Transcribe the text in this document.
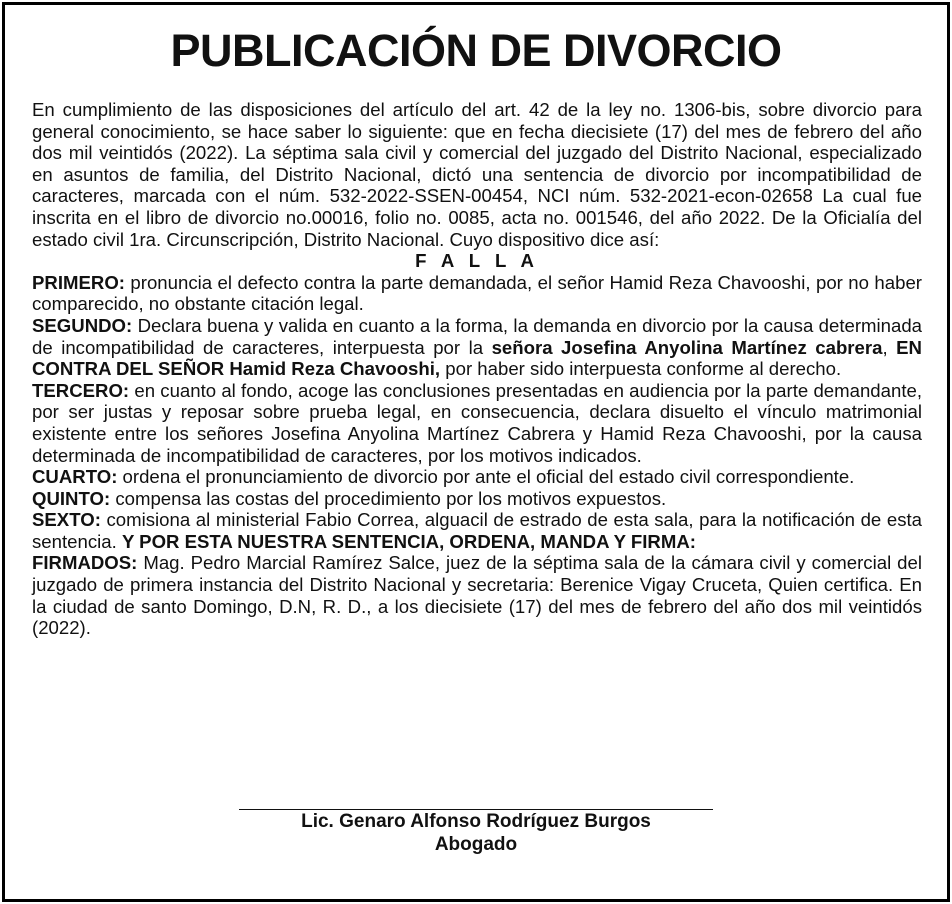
PUBLICACIÓN DE DIVORCIO

En cumplimiento de las disposiciones del artículo del art. 42 de la ley no. 1306-bis, sobre divorcio para general conocimiento, se hace saber lo siguiente: que en fecha diecisiete (17) del mes de febrero del año dos mil veintidós (2022). La séptima sala civil y comercial del juzgado del Distrito Nacional, especializado en asuntos de familia, del Distrito Nacional, dictó una sentencia de divorcio por incompatibilidad de caracteres, marcada con el núm. 532-2022-SSEN-00454, NCI núm. 532-2021-econ-02658 La cual fue inscrita en el libro de divorcio no.00016, folio no. 0085, acta no. 001546, del año 2022. De la Oficialía del estado civil 1ra. Circunscripción, Distrito Nacional. Cuyo dispositivo dice así:

F A L L A

PRIMERO: pronuncia el defecto contra la parte demandada, el señor Hamid Reza Chavooshi, por no haber comparecido, no obstante citación legal.

SEGUNDO: Declara buena y valida en cuanto a la forma, la demanda en divorcio por la causa determinada de incompatibilidad de caracteres, interpuesta por la señora Josefina Anyolina Martínez cabrera, EN CONTRA DEL SEÑOR Hamid Reza Chavooshi, por haber sido interpuesta conforme al derecho.

TERCERO: en cuanto al fondo, acoge las conclusiones presentadas en audiencia por la parte demandante, por ser justas y reposar sobre prueba legal, en consecuencia, declara disuelto el vínculo matrimonial existente entre los señores Josefina Anyolina Martínez Cabrera y Hamid Reza Chavooshi, por la causa determinada de incompatibilidad de caracteres, por los motivos indicados.

CUARTO: ordena el pronunciamiento de divorcio por ante el oficial del estado civil correspondiente.

QUINTO: compensa las costas del procedimiento por los motivos expuestos.

SEXTO: comisiona al ministerial Fabio Correa, alguacil de estrado de esta sala, para la notificación de esta sentencia. Y POR ESTA NUESTRA SENTENCIA, ORDENA, MANDA Y FIRMA:

FIRMADOS: Mag. Pedro Marcial Ramírez Salce, juez de la séptima sala de la cámara civil y comercial del juzgado de primera instancia del Distrito Nacional y secretaria: Berenice Vigay Cruceta, Quien certifica. En la ciudad de santo Domingo, D.N, R. D., a los diecisiete (17) del mes de febrero del año dos mil veintidós (2022).

Lic. Genaro Alfonso Rodríguez Burgos
Abogado
